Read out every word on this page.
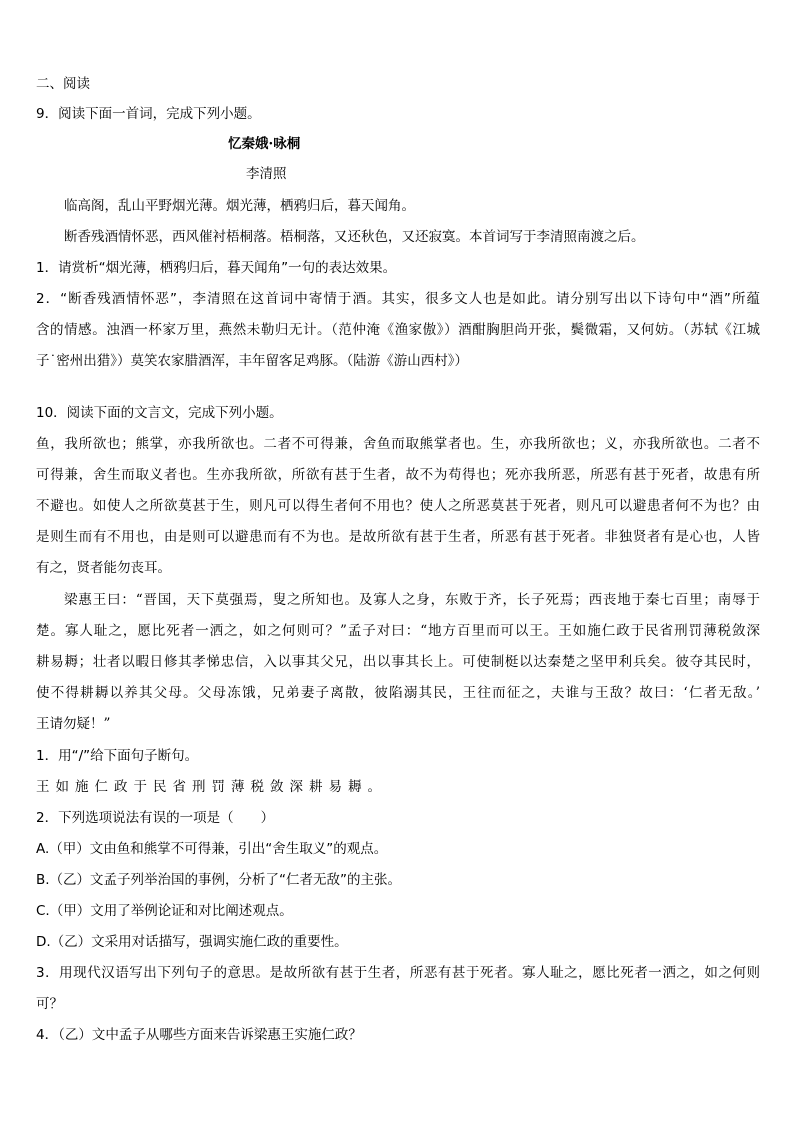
二、阅读
9．阅读下面一首词，完成下列小题。
忆秦娥·咏桐
李清照
临高阁，乱山平野烟光薄。烟光薄，栖鸦归后，暮天闻角。
断香残酒情怀恶，西风催衬梧桐落。梧桐落，又还秋色，又还寂寞。本首词写于李清照南渡之后。
1．请赏析“烟光薄，栖鸦归后，暮天闻角”一句的表达效果。
2．“断香残酒情怀恶”，李清照在这首词中寄情于酒。其实，很多文人也是如此。请分别写出以下诗句中“酒”所蕴
含的情感。浊酒一杯家万里，燕然未勒归无计。（范仲淹《渔家傲》）酒酣胸胆尚开张，鬓微霜，又何妨。（苏轼《江城
子˙密州出猎》）莫笑农家腊酒浑，丰年留客足鸡豚。（陆游《游山西村》）
10．阅读下面的文言文，完成下列小题。
鱼，我所欲也；熊掌，亦我所欲也。二者不可得兼，舍鱼而取熊掌者也。生，亦我所欲也；义，亦我所欲也。二者不
可得兼，舍生而取义者也。生亦我所欲，所欲有甚于生者，故不为苟得也；死亦我所恶，所恶有甚于死者，故患有所
不避也。如使人之所欲莫甚于生，则凡可以得生者何不用也？使人之所恶莫甚于死者，则凡可以避患者何不为也？由
是则生而有不用也，由是则可以避患而有不为也。是故所欲有甚于生者，所恶有甚于死者。非独贤者有是心也，人皆
有之，贤者能勿丧耳。
梁惠王曰：“晋国，天下莫强焉，叟之所知也。及寡人之身，东败于齐，长子死焉；西丧地于秦七百里；南辱于
楚。寡人耻之，愿比死者一洒之，如之何则可？”孟子对曰：“地方百里而可以王。王如施仁政于民省刑罚薄税敛深
耕易耨；壮者以暇日修其孝悌忠信，入以事其父兄，出以事其长上。可使制梃以达秦楚之坚甲利兵矣。彼夺其民时，
使不得耕耨以养其父母。父母冻饿，兄弟妻子离散，彼陷溺其民，王往而征之，夫谁与王敌？故曰：‘仁者无敌。’
王请勿疑！”
1．用“/”给下面句子断句。
王如施仁政于民省刑罚薄税敛深耕易耨。
2．下列选项说法有误的一项是（　　）
A.（甲）文由鱼和熊掌不可得兼，引出“舍生取义”的观点。
B.（乙）文孟子列举治国的事例，分析了“仁者无敌”的主张。
C.（甲）文用了举例论证和对比阐述观点。
D.（乙）文采用对话描写，强调实施仁政的重要性。
3．用现代汉语写出下列句子的意思。是故所欲有甚于生者，所恶有甚于死者。寡人耻之，愿比死者一洒之，如之何则
可？
4．（乙）文中孟子从哪些方面来告诉梁惠王实施仁政？
